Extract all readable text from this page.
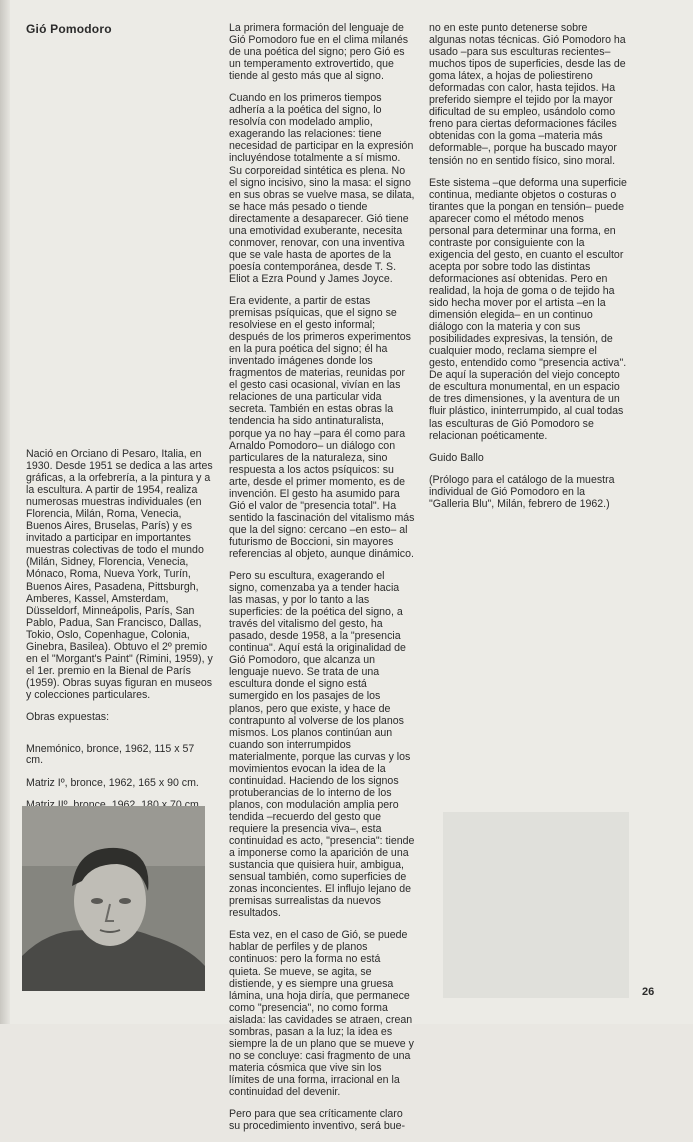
Gió Pomodoro

Nació en Orciano di Pesaro, Italia, en 1930. Desde 1951 se dedica a las artes gráficas, a la orfebrería, a la pintura y a la escultura. A partir de 1954, realiza numerosas muestras individuales (en Florencia, Milán, Roma, Venecia, Buenos Aires, Bruselas, París) y es invitado a participar en importantes muestras colectivas de todo el mundo (Milán, Sidney, Florencia, Venecia, Mónaco, Roma, Nueva York, Turín, Buenos Aires, Pasadena, Pittsburgh, Amberes, Kassel, Amsterdam, Düsseldorf, Minneápolis, París, San Pablo, Padua, San Francisco, Dallas, Tokio, Oslo, Copenhague, Colonia, Ginebra, Basilea). Obtuvo el 2º premio en el "Morgant's Paint" (Rimini, 1959), y el 1er. premio en la Bienal de París (1959). Obras suyas figuran en museos y colecciones particulares.

Obras expuestas:

Mnemónico, bronce, 1962, 115 x 57 cm.

Matriz Iº, bronce, 1962, 165 x 90 cm.

La primera formación del lenguaje de Gió Pomodoro fue en el clima milanés de una poética del signo; pero Gió es un temperamento extrovertido, que tiende al gesto más que al signo.

Cuando en los primeros tiempos adhería a la poética del signo, lo resolvía con modelado amplio, exagerando las relaciones: tiene necesidad de participar en la expresión incluyéndose totalmente a sí mismo. Su corporeidad sintética es plena. No el signo incisivo, sino la masa: el signo en sus obras se vuelve masa, se dilata, se hace más pesado o tiende directamente a desaparecer. Gió tiene una emotividad exuberante, necesita conmover, renovar, con una inventiva que se vale hasta de aportes de la poesía contemporánea, desde T. S. Eliot a Ezra Pound y James Joyce.

Era evidente, a partir de estas premisas psíquicas, que el signo se resolviese en el gesto informal; después de los primeros experimentos en la pura poética del signo; él ha inventado imágenes donde los fragmentos de materias, reunidas por el gesto casi ocasional, vivían en las relaciones de una particular vida secreta. También en estas obras la tendencia ha sido antinaturalista, porque ya no hay –para él como para Arnaldo Pomodoro– un diálogo con particulares de la naturaleza, sino respuesta a los actos psíquicos: su arte, desde el primer momento, es de invención. El gesto ha asumido para Gió el valor de "presencia total". Ha sentido la fascinación del vitalismo más que la del signo: cercano –en esto– al futurismo de Boccioni, sin mayores referencias al objeto, aunque dinámico.

Pero su escultura, exagerando el signo, comenzaba ya a tender hacia las masas, y por lo tanto a las superficies: de la poética del signo, a través del vitalismo del gesto, ha pasado, desde 1958, a la "presencia continua". Aquí está la originalidad de Gió Pomodoro, que alcanza un lenguaje nuevo. Se trata de una escultura donde el signo está sumergido en los pasajes de los planos, pero que existe, y hace de contrapunto al volverse de los planos mismos. Los planos continúan aun cuando son interrumpidos materialmente, porque las curvas y los movimientos evocan la idea de la continuidad. Haciendo de los signos protuberancias de lo interno de los planos, con modulación amplia pero tendida –recuerdo del gesto que requiere la presencia viva–, esta continuidad es acto, "presencia": tiende a imponerse como la aparición de una sustancia que quisiera huir, ambigua, sensual también, como superficies de zonas inconcientes. El influjo lejano de premisas surrealistas da nuevos resultados.

Esta vez, en el caso de Gió, se puede hablar de perfiles y de planos continuos: pero la forma no está quieta. Se mueve, se agita, se distiende, y es siempre una gruesa lámina, una hoja diría, que permanece como "presencia", no como forma aislada: las cavidades se atraen, crean sombras, pasan a la luz; la idea es siempre la de un plano que se mueve y no se concluye: casi fragmento de una materia cósmica que vive sin los límites de una forma, irracional en la continuidad del devenir.

Pero para que sea críticamente claro su procedimiento inventivo, será bue-

no en este punto detenerse sobre algunas notas técnicas. Gió Pomodoro ha usado –para sus esculturas recientes– muchos tipos de superficies, desde las de goma látex, a hojas de poliestireno deformadas con calor, hasta tejidos. Ha preferido siempre el tejido por la mayor dificultad de su empleo, usándolo como freno para ciertas deformaciones fáciles obtenidas con la goma –materia más deformable–, porque ha buscado mayor tensión no en sentido físico, sino moral.

Este sistema –que deforma una superficie continua, mediante objetos o costuras o tirantes que la pongan en tensión– puede aparecer como el método menos personal para determinar una forma, en contraste por consiguiente con la exigencia del gesto, en cuanto el escultor acepta por sobre todo las distintas deformaciones así obtenidas. Pero en realidad, la hoja de goma o de tejido ha sido hecha mover por el artista –en la dimensión elegida– en un continuo diálogo con la materia y con sus posibilidades expresivas, la tensión, de cualquier modo, reclama siempre el gesto, entendido como "presencia activa". De aquí la superación del viejo concepto de escultura monumental, en un espacio de tres dimensiones, y la aventura de un fluir plástico, ininterrumpido, al cual todas las esculturas de Gió Pomodoro se relacionan poéticamente.

Guido Ballo

(Prólogo para el catálogo de la muestra individual de Gió Pomodoro en la "Galleria Blu", Milán, febrero de 1962.)

26
